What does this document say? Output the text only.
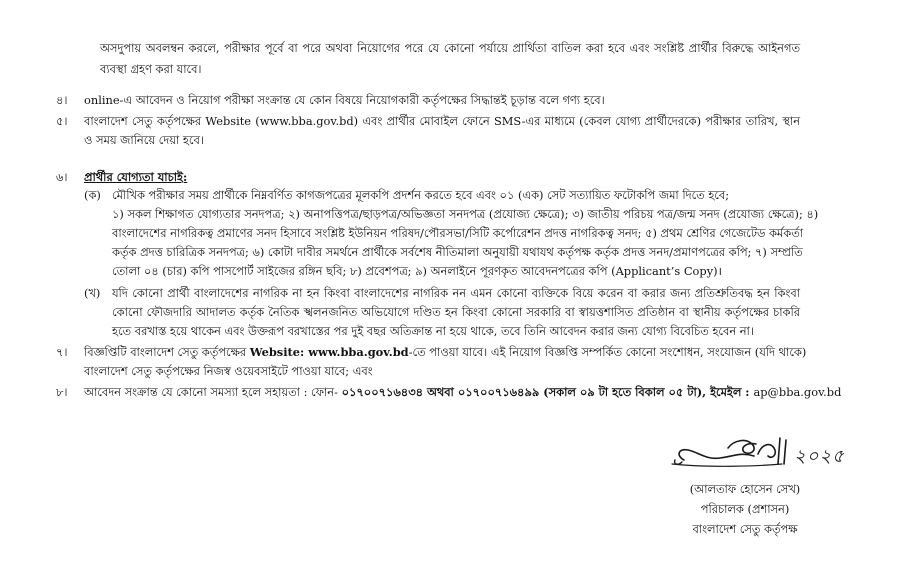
অসদুপায় অবলম্বন করলে, পরীক্ষার পূর্বে বা পরে অথবা নিয়োগের পরে যে কোনো পর্যায়ে প্রার্থিতা বাতিল করা হবে এবং সংশ্লিষ্ট প্রার্থীর বিরুদ্ধে আইনগত
ব্যবস্থা গ্রহণ করা যাবে।
৪। online-এ আবেদন ও নিয়োগ পরীক্ষা সংক্রান্ত যে কোন বিষয়ে নিয়োগকারী কর্তৃপক্ষের সিদ্ধান্তই চূড়ান্ত বলে গণ্য হবে।
৫। বাংলাদেশ সেতু কর্তৃপক্ষের Website (www.bba.gov.bd) এবং প্রার্থীর মোবাইল ফোনে SMS-এর মাধ্যমে (কেবল যোগ্য প্রার্থীদেরকে) পরীক্ষার তারিখ, স্থান
ও সময় জানিয়ে দেয়া হবে।
৬। প্রার্থীর যোগ্যতা যাচাই:
(ক) মৌখিক পরীক্ষার সময় প্রার্থীকে নিম্নবর্ণিত কাগজপত্রের মূলকপি প্রদর্শন করতে হবে এবং ০১ (এক) সেট সত্যায়িত ফটোকপি জমা দিতে হবে;
১) সকল শিক্ষাগত যোগ্যতার সনদপত্র; ২) অনাপত্তিপত্র/ছাড়পত্র/অভিজ্ঞতা সনদপত্র (প্রযোজ্য ক্ষেত্রে); ৩) জাতীয় পরিচয় পত্র/জন্ম সনদ (প্রযোজ্য ক্ষেত্রে); ৪)
বাংলাদেশের নাগরিকত্ব প্রমাণের সনদ হিসাবে সংশ্লিষ্ট ইউনিয়ন পরিষদ/পৌরসভা/সিটি কর্পোরেশন প্রদত্ত নাগরিকত্ব সনদ; ৫) প্রথম শ্রেণির গেজেটেড কর্মকর্তা
কর্তৃক প্রদত্ত চারিত্রিক সনদপত্র; ৬) কোটা দাবীর সমর্থনে প্রার্থীকে সর্বশেষ নীতিমালা অনুযায়ী যথাযথ কর্তৃপক্ষ কর্তৃক প্রদত্ত সনদ/প্রমাণপত্রের কপি; ৭) সম্প্রতি
তোলা ০৪ (চার) কপি পাসপোর্ট সাইজের রঙ্গিন ছবি; ৮) প্রবেশপত্র; ৯) অনলাইনে পূরণকৃত আবেদনপত্রের কপি (Applicant’s Copy)।
(খ) যদি কোনো প্রার্থী বাংলাদেশের নাগরিক না হন কিংবা বাংলাদেশের নাগরিক নন এমন কোনো ব্যক্তিকে বিয়ে করেন বা করার জন্য প্রতিশ্রুতিবদ্ধ হন কিংবা
কোনো ফৌজদারি আদালত কর্তৃক নৈতিক স্খলনজনিত অভিযোগে দণ্ডিত হন কিংবা কোনো সরকারি বা স্বায়ত্তশাসিত প্রতিষ্ঠান বা স্থানীয় কর্তৃপক্ষের চাকরি
হতে বরখাস্ত হয়ে থাকেন এবং উক্তরূপ বরখাস্তের পর দুই বছর অতিক্রান্ত না হয়ে থাকে, তবে তিনি আবেদন করার জন্য যোগ্য বিবেচিত হবেন না।
৭। বিজ্ঞপ্তিটি বাংলাদেশ সেতু কর্তৃপক্ষের Website: www.bba.gov.bd-তে পাওয়া যাবে। এই নিয়োগ বিজ্ঞপ্তি সম্পর্কিত কোনো সংশোধন, সংযোজন (যদি থাকে)
বাংলাদেশ সেতু কর্তৃপক্ষের নিজস্ব ওয়েবসাইটে পাওয়া যাবে; এবং
৮। আবেদন সংক্রান্ত যে কোনো সমস্যা হলে সহায়তা : ফোন- ০১৭০০৭১৬৪৩৪ অথবা ০১৭০০৭১৬৪৯৯ (সকাল ০৯ টা হতে বিকাল ০৫ টা), ইমেইল : ap@bba.gov.bd
২০২৫
(আলতাফ হোসেন সেখ)
পরিচালক (প্রশাসন)
বাংলাদেশ সেতু কর্তৃপক্ষ
